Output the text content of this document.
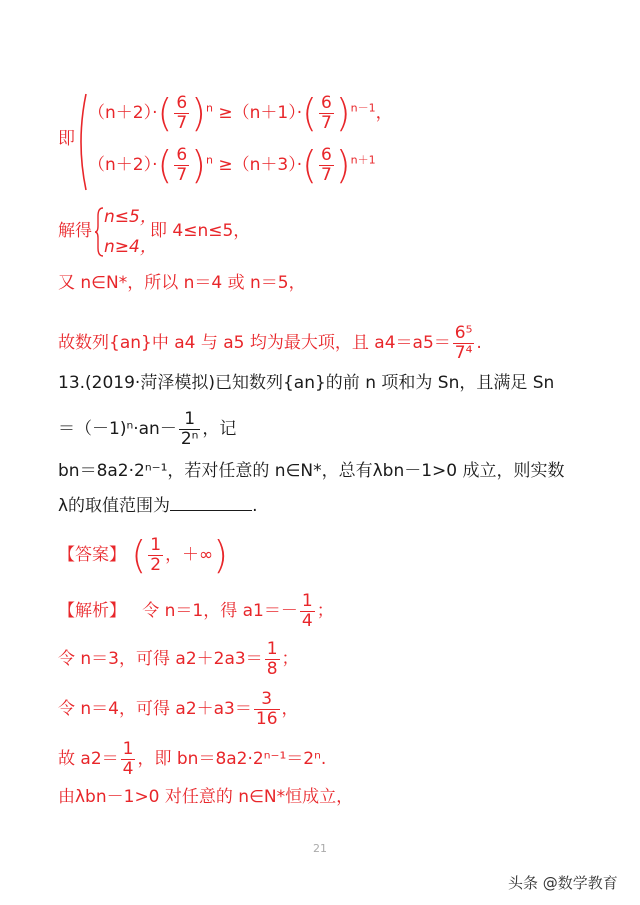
即
$(n+2)\cdot( \frac{6}{7} )^n \ge(n+1)\cdot( \frac{6}{7} )^{n-1}$，
$(n+2)\cdot( \frac{6}{7} )^n \ge(n+3)\cdot( \frac{6}{7} )^{n+1}$
解得
n≤5，
n≥4，
即 4≤n≤5，
又 n∈N*，所以 n＝4 或 n＝5，
故数列{an}中 a4 与 a5 均为最大项，且 $a4=a5= \frac{\text{6⁵}}{\text{7⁴}}$ .
13.(2019·菏泽模拟)已知数列{an}的前 n 项和为 Sn，且满足 Sn
$=(-1)^n\cdot an- \frac{1}{\text{2ⁿ}}$ ，记
bn＝8a2·2ⁿ⁻¹，若对任意的 n∈N*，总有λbn－1>0 成立，则实数
λ的取值范围为	.
【答案】 ( $\frac{1}{2}$ ，＋∞)
【解析】 令 n＝1，得 $a1=- \frac{1}{4}$ ；
令 n＝3，可得 $a2+2a3= \frac{1}{8}$ ；
令 n＝4，可得 $a2+a3= \frac{3}{16}$ ，
故 $a2= \frac{1}{4}$ ，即 bn＝8a2·2ⁿ⁻¹＝2ⁿ.
由λbn－1>0 对任意的 n∈N*恒成立，
21
头条 @数学教育
